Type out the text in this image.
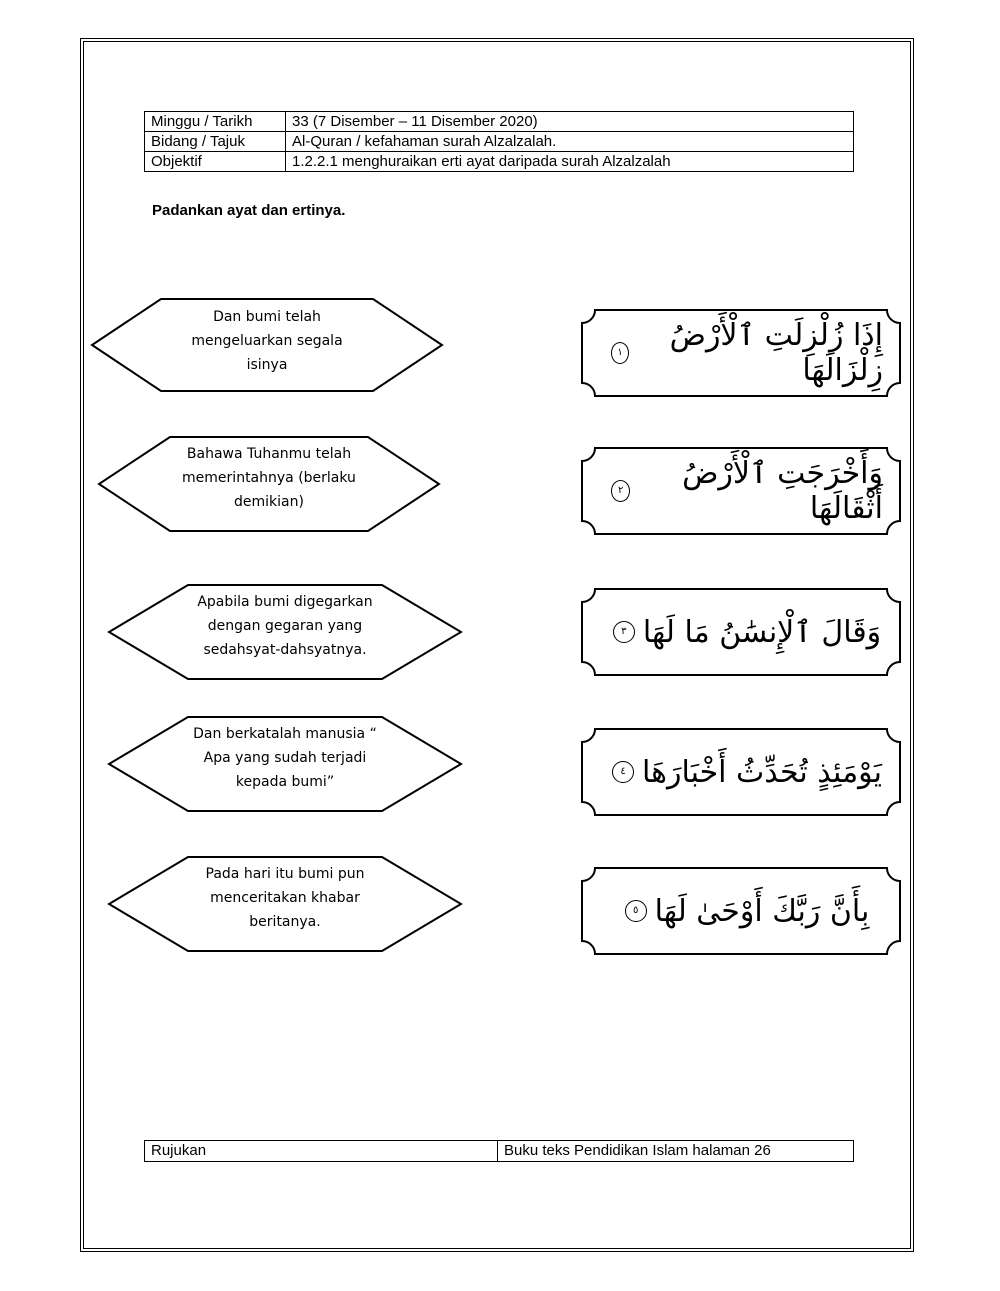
Minggu / Tarikh	33 (7 Disember – 11 Disember 2020)
Bidang / Tajuk	Al-Quran / kefahaman surah Alzalzalah.
Objektif	1.2.2.1 menghuraikan erti ayat daripada surah Alzalzalah
Padankan ayat dan ertinya.
Dan bumi telah
mengeluarkan segala
isinya
Bahawa Tuhanmu telah
memerintahnya (berlaku
demikian)
Apabila bumi digegarkan
dengan gegaran yang
sedahsyat-dahsyatnya.
Dan berkatalah manusia “
Apa yang sudah terjadi
kepada bumi”
Pada hari itu bumi pun
menceritakan khabar
beritanya.
إِذَا زُلْزِلَتِ ٱلْأَرْضُ زِلْزَالَهَا
١
وَأَخْرَجَتِ ٱلْأَرْضُ أَثْقَالَهَا
٢
وَقَالَ ٱلْإِنسَٰنُ مَا لَهَا
٣
يَوْمَئِذٍ تُحَدِّثُ أَخْبَارَهَا
٤
بِأَنَّ رَبَّكَ أَوْحَىٰ لَهَا
٥
Rujukan	Buku teks Pendidikan Islam halaman 26
